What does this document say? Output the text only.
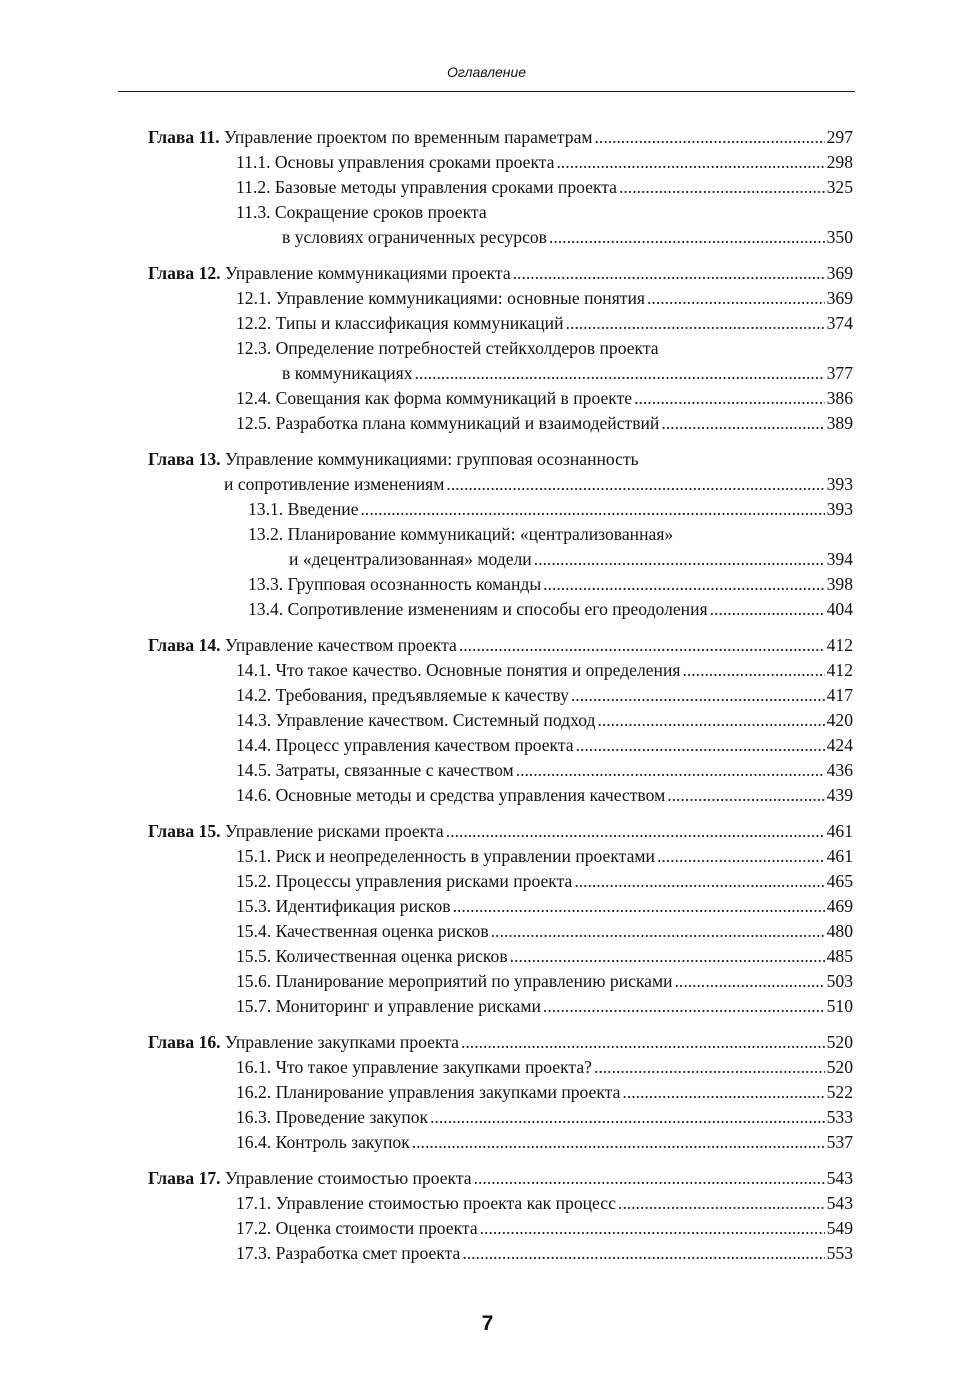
Оглавление
Глава 11. Управление проектом по временным параметрам .....	297
11.1. Основы управления сроками проекта .....	298
11.2. Базовые методы управления сроками проекта .....	325
11.3. Сокращение сроков проекта
в условиях ограниченных ресурсов .....	350
Глава 12. Управление коммуникациями проекта .....	369
12.1. Управление коммуникациями: основные понятия .....	369
12.2. Типы и классификация коммуникаций .....	374
12.3. Определение потребностей стейкхолдеров проекта
в коммуникациях .....	377
12.4. Совещания как форма коммуникаций в проекте .....	386
12.5. Разработка плана коммуникаций и взаимодействий .....	389
Глава 13. Управление коммуникациями: групповая осознанность
и сопротивление изменениям .....	393
13.1. Введение .....	393
13.2. Планирование коммуникаций: «централизованная»
и «децентрализованная» модели .....	394
13.3. Групповая осознанность команды .....	398
13.4. Сопротивление изменениям и способы его преодоления .....	404
Глава 14. Управление качеством проекта .....	412
14.1. Что такое качество. Основные понятия и определения .....	412
14.2. Требования, предъявляемые к качеству .....	417
14.3. Управление качеством. Системный подход .....	420
14.4. Процесс управления качеством проекта .....	424
14.5. Затраты, связанные с качеством .....	436
14.6. Основные методы и средства управления качеством .....	439
Глава 15. Управление рисками проекта .....	461
15.1. Риск и неопределенность в управлении проектами .....	461
15.2. Процессы управления рисками проекта .....	465
15.3. Идентификация рисков .....	469
15.4. Качественная оценка рисков .....	480
15.5. Количественная оценка рисков .....	485
15.6. Планирование мероприятий по управлению рисками .....	503
15.7. Мониторинг и управление рисками .....	510
Глава 16. Управление закупками проекта .....	520
16.1. Что такое управление закупками проекта? .....	520
16.2. Планирование управления закупками проекта .....	522
16.3. Проведение закупок .....	533
16.4. Контроль закупок .....	537
Глава 17. Управление стоимостью проекта .....	543
17.1. Управление стоимостью проекта как процесс .....	543
17.2. Оценка стоимости проекта .....	549
17.3. Разработка смет проекта .....	553
7
